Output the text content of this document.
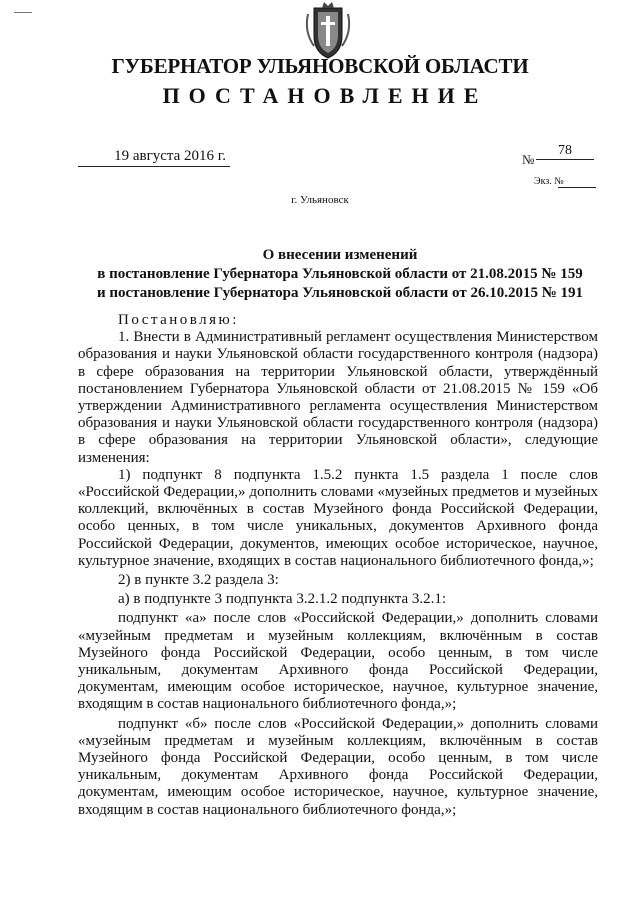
ГУБЕРНАТОР УЛЬЯНОВСКОЙ ОБЛАСТИ
ПОСТАНОВЛЕНИЕ
19 августа 2016 г.	№
78
Экз. №
г. Ульяновск
О внесении изменений
в постановление Губернатора Ульяновской области от 21.08.2015 № 159
и постановление Губернатора Ульяновской области от 26.10.2015 № 191

Постановляю:

1. Внести в Административный регламент осуществления Министерством образования и науки Ульяновской области государственного контроля (надзора) в сфере образования на территории Ульяновской области, утверждённый постановлением Губернатора Ульяновской области от 21.08.2015 № 159 «Об утверждении Административного регламента осуществления Министерством образования и науки Ульяновской области государственного контроля (надзора) в сфере образования на территории Ульяновской области», следующие изменения:

1) подпункт 8 подпункта 1.5.2 пункта 1.5 раздела 1 после слов «Российской Федерации,» дополнить словами «музейных предметов и музейных коллекций, включённых в состав Музейного фонда Российской Федерации, особо ценных, в том числе уникальных, документов Архивного фонда Российской Федерации, документов, имеющих особое историческое, научное, культурное значение, входящих в состав национального библиотечного фонда,»;

2) в пункте 3.2 раздела 3:

а) в подпункте 3 подпункта 3.2.1.2 подпункта 3.2.1:

подпункт «а» после слов «Российской Федерации,» дополнить словами «музейным предметам и музейным коллекциям, включённым в состав Музейного фонда Российской Федерации, особо ценным, в том числе уникальным, документам Архивного фонда Российской Федерации, документам, имеющим особое историческое, научное, культурное значение, входящим в состав национального библиотечного фонда,»;

подпункт «б» после слов «Российской Федерации,» дополнить словами «музейным предметам и музейным коллекциям, включённым в состав Музейного фонда Российской Федерации, особо ценным, в том числе уникальным, документам Архивного фонда Российской Федерации, документам, имеющим особое историческое, научное, культурное значение, входящим в состав национального библиотечного фонда,»;
